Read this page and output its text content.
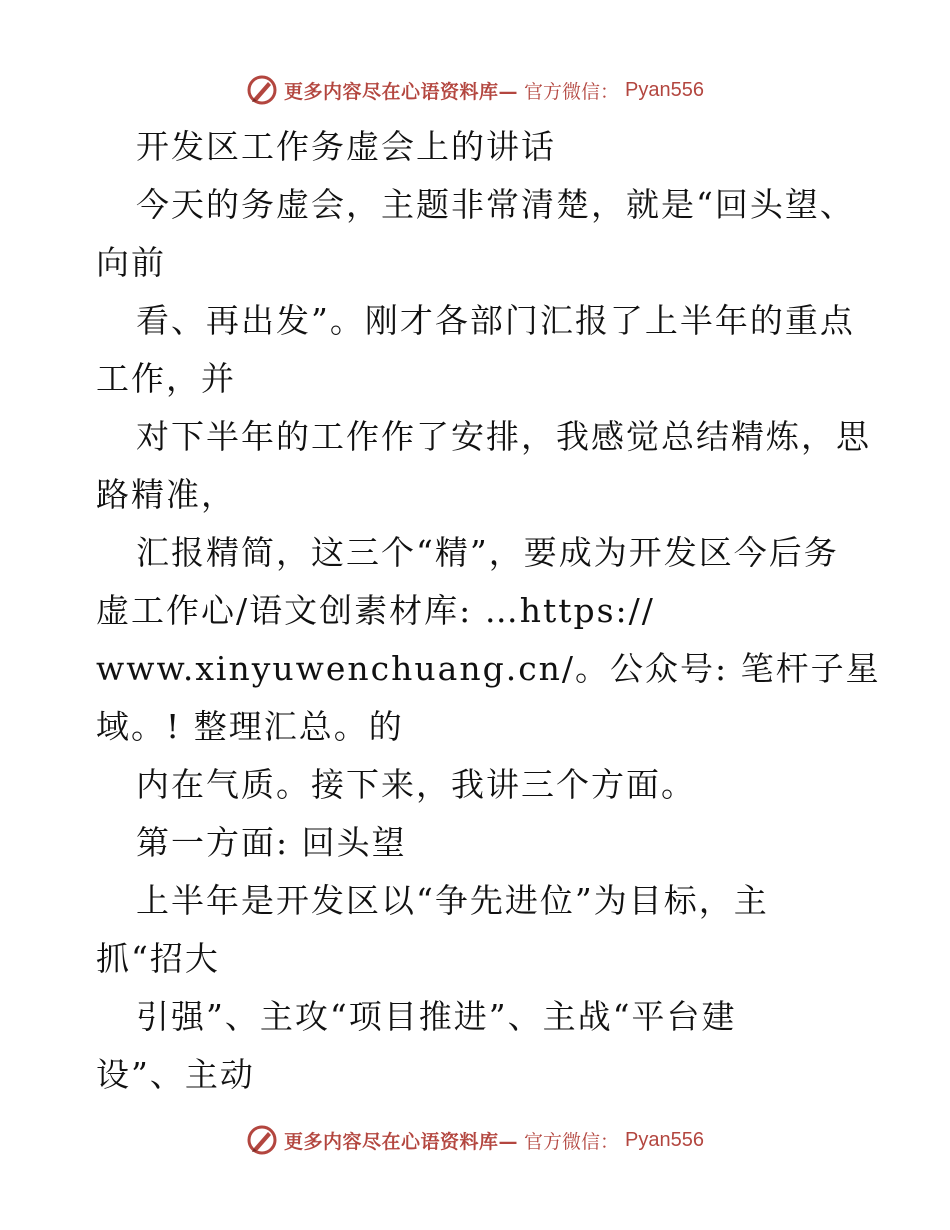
更多内容尽在心语资料库— 官方微信： Pyan556
开发区工作务虚会上的讲话
今天的务虚会，主题非常清楚，就是“回头望、
向前
看、再出发”。刚才各部门汇报了上半年的重点
工作，并
对下半年的工作作了安排，我感觉总结精炼，思
路精准，
汇报精简，这三个“精”，要成为开发区今后务
虚工作心/语文创素材库: …https://
www.xinyuwenchuang.cn/。公众号: 笔杆子星
域。! 整理汇总。的
内在气质。接下来，我讲三个方面。
第一方面: 回头望
上半年是开发区以“争先进位”为目标，主
抓“招大
引强”、主攻“项目推进”、主战“平台建
设”、主动
更多内容尽在心语资料库— 官方微信： Pyan556
